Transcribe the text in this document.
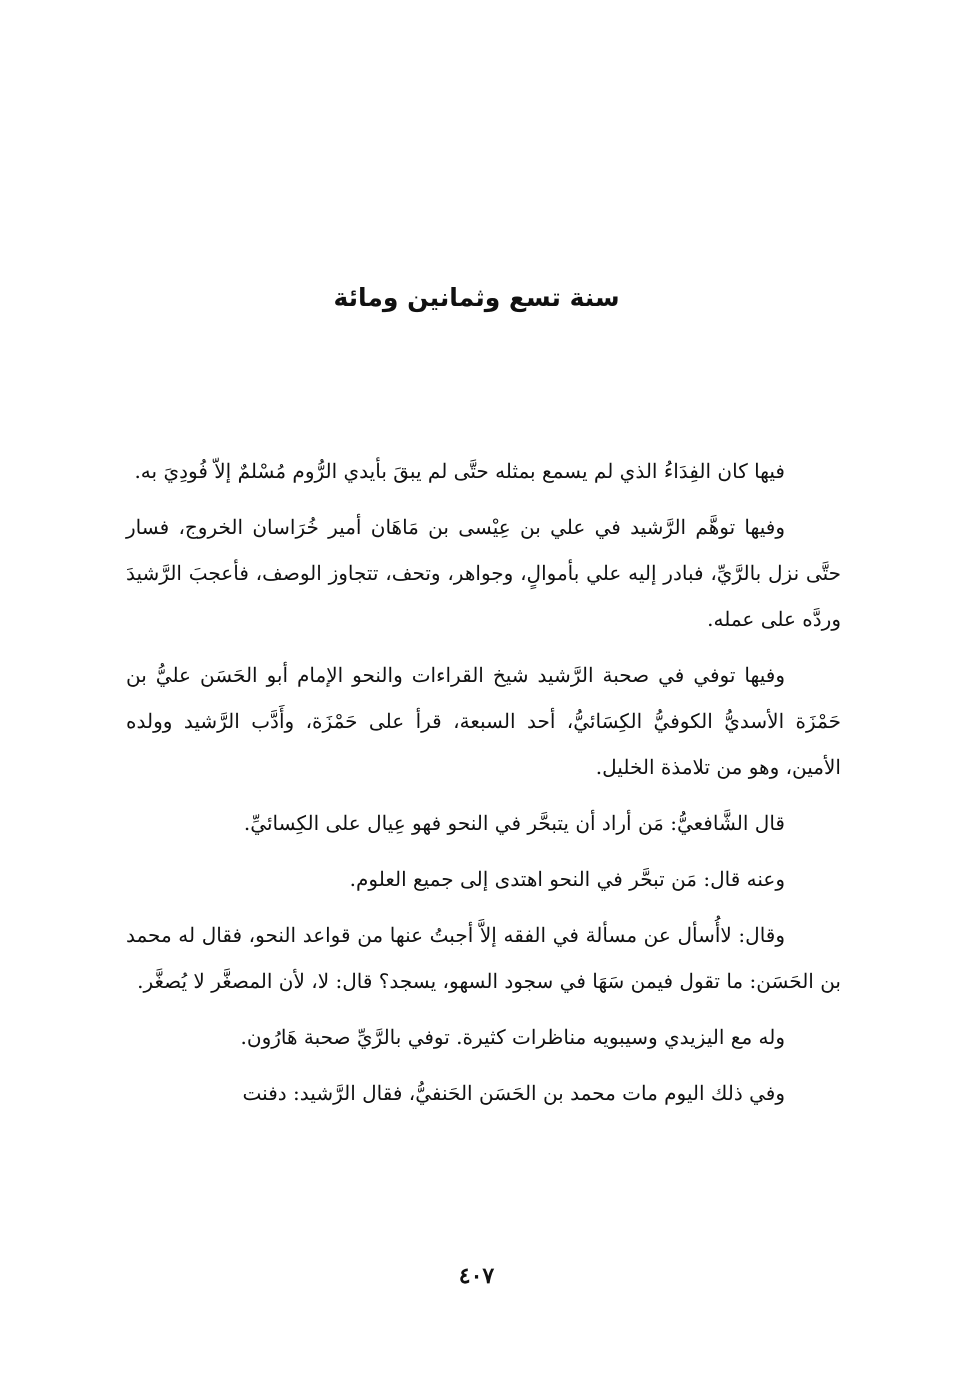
سنة تسع وثمانين ومائة

فيها كان الفِدَاءُ الذي لم يسمع بمثله حتَّى لم يبقَ بأيدي الرُّوم مُسْلمٌ إلاّ فُودِيَ به.

وفيها توهَّم الرَّشيد في علي بن عِيْسى بن مَاهَان أمير خُرَاسان الخروج، فسار حتَّى نزل بالرَّيِّ، فبادر إليه علي بأموالٍ، وجواهر، وتحف، تتجاوز الوصف، فأعجبَ الرَّشيدَ وردَّه على عمله.

وفيها توفي في صحبة الرَّشيد شيخ القراءات والنحو الإمام أبو الحَسَن عليُّ بن حَمْزَة الأسديُّ الكوفيُّ الكِسَائيُّ، أحد السبعة، قرأ على حَمْزَة، وأَدَّب الرَّشيد وولده الأمين، وهو من تلامذة الخليل.

قال الشَّافعيُّ: مَن أراد أن يتبحَّر في النحو فهو عِيال على الكِسائيِّ.

وعنه قال: مَن تبحَّر في النحو اهتدى إلى جميع العلوم.

وقال: لاأُسأل عن مسألة في الفقه إلاَّ أجبتُ عنها من قواعد النحو، فقال له محمد بن الحَسَن: ما تقول فيمن سَهَا في سجود السهو، يسجد؟ قال: لا، لأن المصغَّر لا يُصغَّر.

وله مع اليزيدي وسيبويه مناظرات كثيرة. توفي بالرَّيِّ صحبة هَارُون.

وفي ذلك اليوم مات محمد بن الحَسَن الحَنفيُّ، فقال الرَّشيد: دفنت

٤٠٧
